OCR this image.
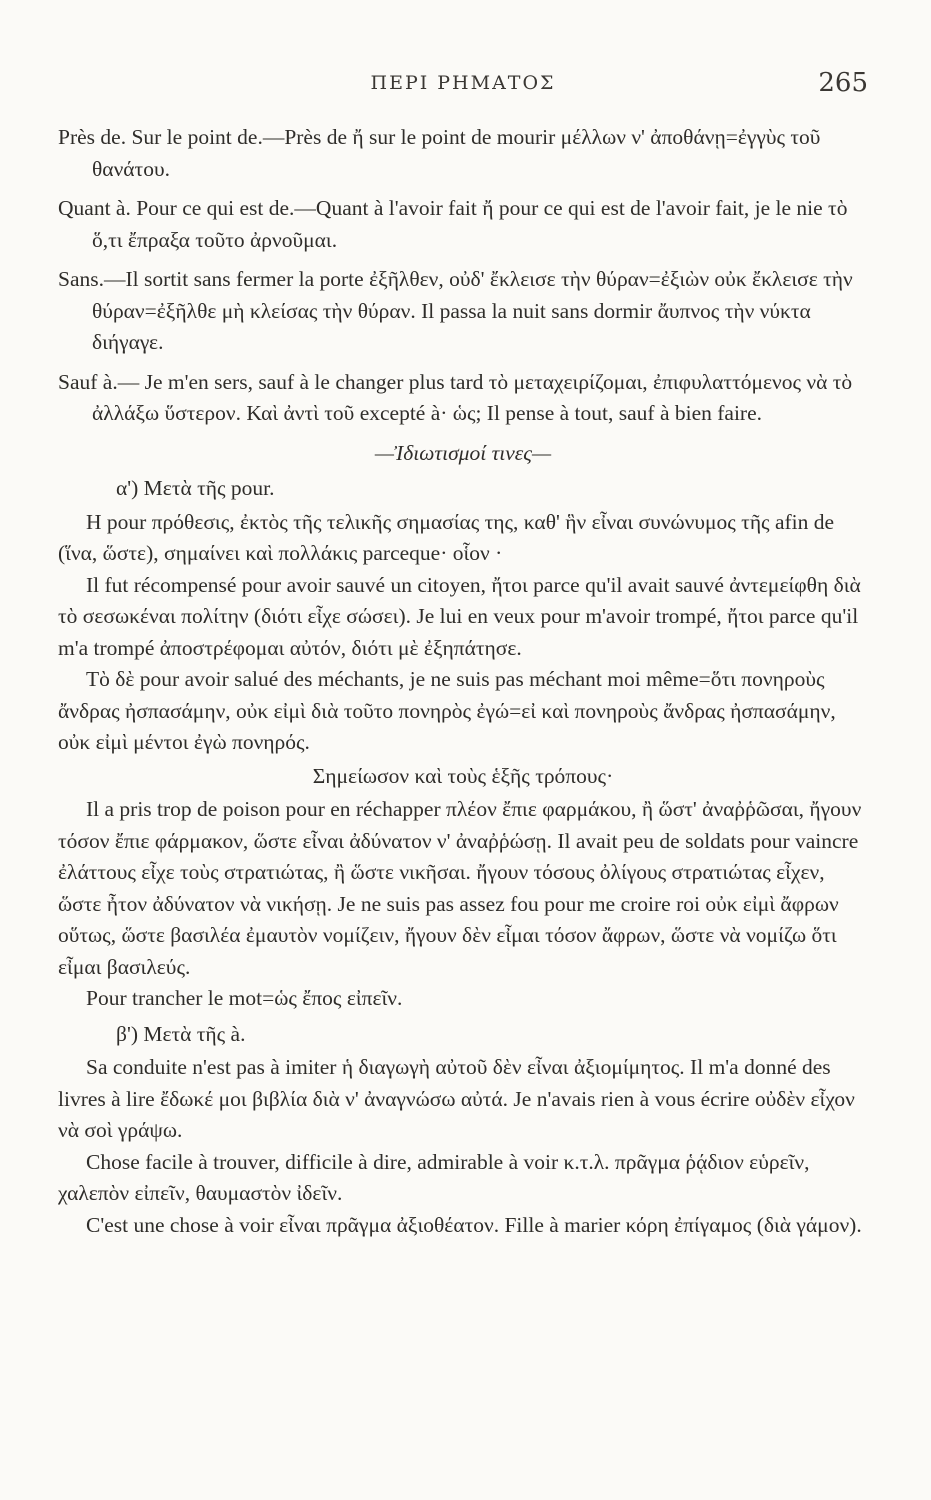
ΠΕΡΙ ΡΗΜΑΤΟΣ	265

Près de. Sur le point de.—Près de ἤ sur le point de mourir μέλλων ν' ἀποθάνῃ=ἐγγὺς τοῦ θανάτου.

Quant à. Pour ce qui est de.—Quant à l'avoir fait ἤ pour ce qui est de l'avoir fait, je le nie τὸ ὅ,τι ἔπραξα τοῦτο ἀρνοῦμαι.

Sans.—Il sortit sans fermer la porte ἐξῆλθεν, οὐδ' ἔκλεισε τὴν θύραν=ἐξιὼν οὐκ ἔκλεισε τὴν θύραν=ἐξῆλθε μὴ κλείσας τὴν θύραν. Il passa la nuit sans dormir ἄυπνος τὴν νύκτα διήγαγε.

Sauf à.— Je m'en sers, sauf à le changer plus tard τὸ μεταχειρίζομαι, ἐπιφυλαττόμενος νὰ τὸ ἀλλάξω ὕστερον. Καὶ ἀντὶ τοῦ excepté à· ὡς; Il pense à tout, sauf à bien faire.

—Ἰδιωτισμοί τινες—

α') Μετὰ τῆς pour.

Η pour πρόθεσις, ἐκτὸς τῆς τελικῆς σημασίας της, καθ' ἣν εἶναι συνώνυμος τῆς afin de (ἵνα, ὥστε), σημαίνει καὶ πολλάκις parceque· οἷον ·

Il fut récompensé pour avoir sauvé un citoyen, ἤτοι parce qu'il avait sauvé ἀντεμείφθη διὰ τὸ σεσωκέναι πολίτην (διότι εἶχε σώσει). Je lui en veux pour m'avoir trompé, ἤτοι parce qu'il m'a trompé ἀποστρέφομαι αὐτόν, διότι μὲ ἐξηπάτησε.

Τὸ δὲ pour avoir salué des méchants, je ne suis pas méchant moi même=ὅτι πονηροὺς ἄνδρας ἠσπασάμην, οὐκ εἰμὶ διὰ τοῦτο πονηρὸς ἐγώ=εἰ καὶ πονηροὺς ἄνδρας ἠσπασάμην, οὐκ εἰμὶ μέντοι ἐγὼ πονηρός.

Σημείωσον καὶ τοὺς ἑξῆς τρόπους·

Il a pris trop de poison pour en réchapper πλέον ἔπιε φαρμάκου, ἢ ὥστ' ἀναῤῥῶσαι, ἤγουν τόσον ἔπιε φάρμακον, ὥστε εἶναι ἀδύνατον ν' ἀναῤῥώσῃ. Il avait peu de soldats pour vaincre ἐλάττους εἶχε τοὺς στρατιώτας, ἢ ὥστε νικῆσαι. ἤγουν τόσους ὀλίγους στρατιώτας εἶχεν, ὥστε ἦτον ἀδύνατον νὰ νικήσῃ. Je ne suis pas assez fou pour me croire roi οὐκ εἰμὶ ἄφρων οὕτως, ὥστε βασιλέα ἐμαυτὸν νομίζειν, ἤγουν δὲν εἶμαι τόσον ἄφρων, ὥστε νὰ νομίζω ὅτι εἶμαι βασιλεύς.

Pour trancher le mot=ὡς ἔπος εἰπεῖν.

β') Μετὰ τῆς à.

Sa conduite n'est pas à imiter ἡ διαγωγὴ αὐτοῦ δὲν εἶναι ἀξιομίμητος. Il m'a donné des livres à lire ἔδωκέ μοι βιβλία διὰ ν' ἀναγνώσω αὐτά. Je n'avais rien à vous écrire οὐδὲν εἶχον νὰ σοὶ γράψω.

Chose facile à trouver, difficile à dire, admirable à voir κ.τ.λ. πρᾶγμα ῥᾴδιον εὑρεῖν, χαλεπὸν εἰπεῖν, θαυμαστὸν ἰδεῖν.

C'est une chose à voir εἶναι πρᾶγμα ἀξιοθέατον. Fille à marier κόρη ἐπίγαμος (διὰ γάμον).
